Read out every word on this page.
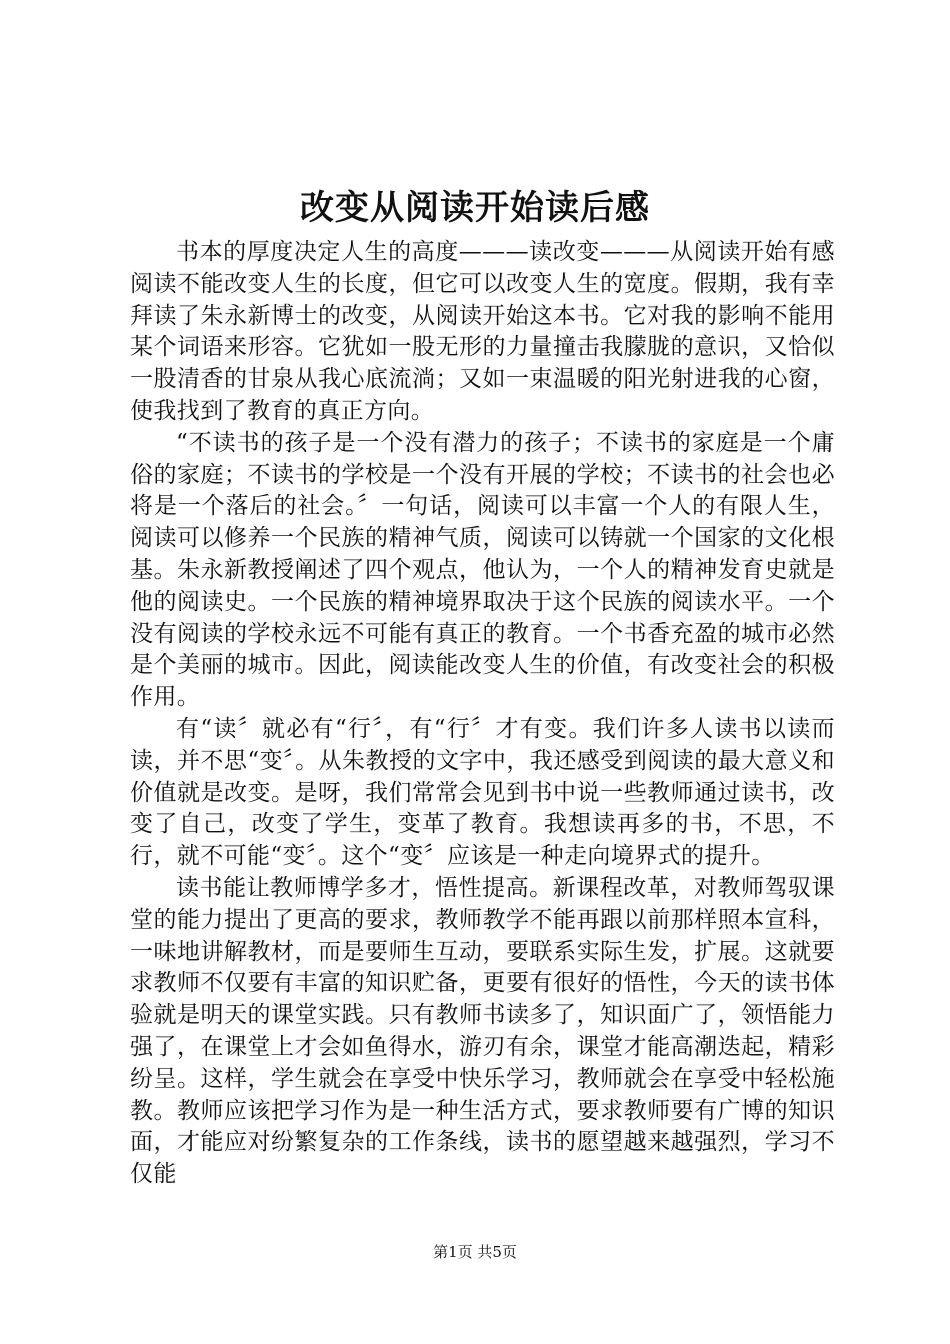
改变从阅读开始读后感

书本的厚度决定人生的高度———读改变———从阅读开始有感阅读不能改变人生的长度，但它可以改变人生的宽度。假期，我有幸拜读了朱永新博士的改变，从阅读开始这本书。它对我的影响不能用某个词语来形容。它犹如一股无形的力量撞击我朦胧的意识，又恰似一股清香的甘泉从我心底流淌；又如一束温暖的阳光射进我的心窗，使我找到了教育的真正方向。

“不读书的孩子是一个没有潜力的孩子；不读书的家庭是一个庸俗的家庭；不读书的学校是一个没有开展的学校；不读书的社会也必将是一个落后的社会。〞一句话，阅读可以丰富一个人的有限人生，阅读可以修养一个民族的精神气质，阅读可以铸就一个国家的文化根基。朱永新教授阐述了四个观点，他认为，一个人的精神发育史就是他的阅读史。一个民族的精神境界取决于这个民族的阅读水平。一个没有阅读的学校永远不可能有真正的教育。一个书香充盈的城市必然是个美丽的城市。因此，阅读能改变人生的价值，有改变社会的积极作用。

有“读〞就必有“行〞，有“行〞才有变。我们许多人读书以读而读，并不思“变〞。从朱教授的文字中，我还感受到阅读的最大意义和价值就是改变。是呀，我们常常会见到书中说一些教师通过读书，改变了自己，改变了学生，变革了教育。我想读再多的书，不思，不行，就不可能“变〞。这个“变〞应该是一种走向境界式的提升。

读书能让教师博学多才，悟性提高。新课程改革，对教师驾驭课堂的能力提出了更高的要求，教师教学不能再跟以前那样照本宣科，一味地讲解教材，而是要师生互动，要联系实际生发，扩展。这就要求教师不仅要有丰富的知识贮备，更要有很好的悟性，今天的读书体验就是明天的课堂实践。只有教师书读多了，知识面广了，领悟能力强了，在课堂上才会如鱼得水，游刃有余，课堂才能高潮迭起，精彩纷呈。这样，学生就会在享受中快乐学习，教师就会在享受中轻松施教。教师应该把学习作为是一种生活方式，要求教师要有广博的知识面，才能应对纷繁复杂的工作条线，读书的愿望越来越强烈，学习不仅能

第1页 共5页
